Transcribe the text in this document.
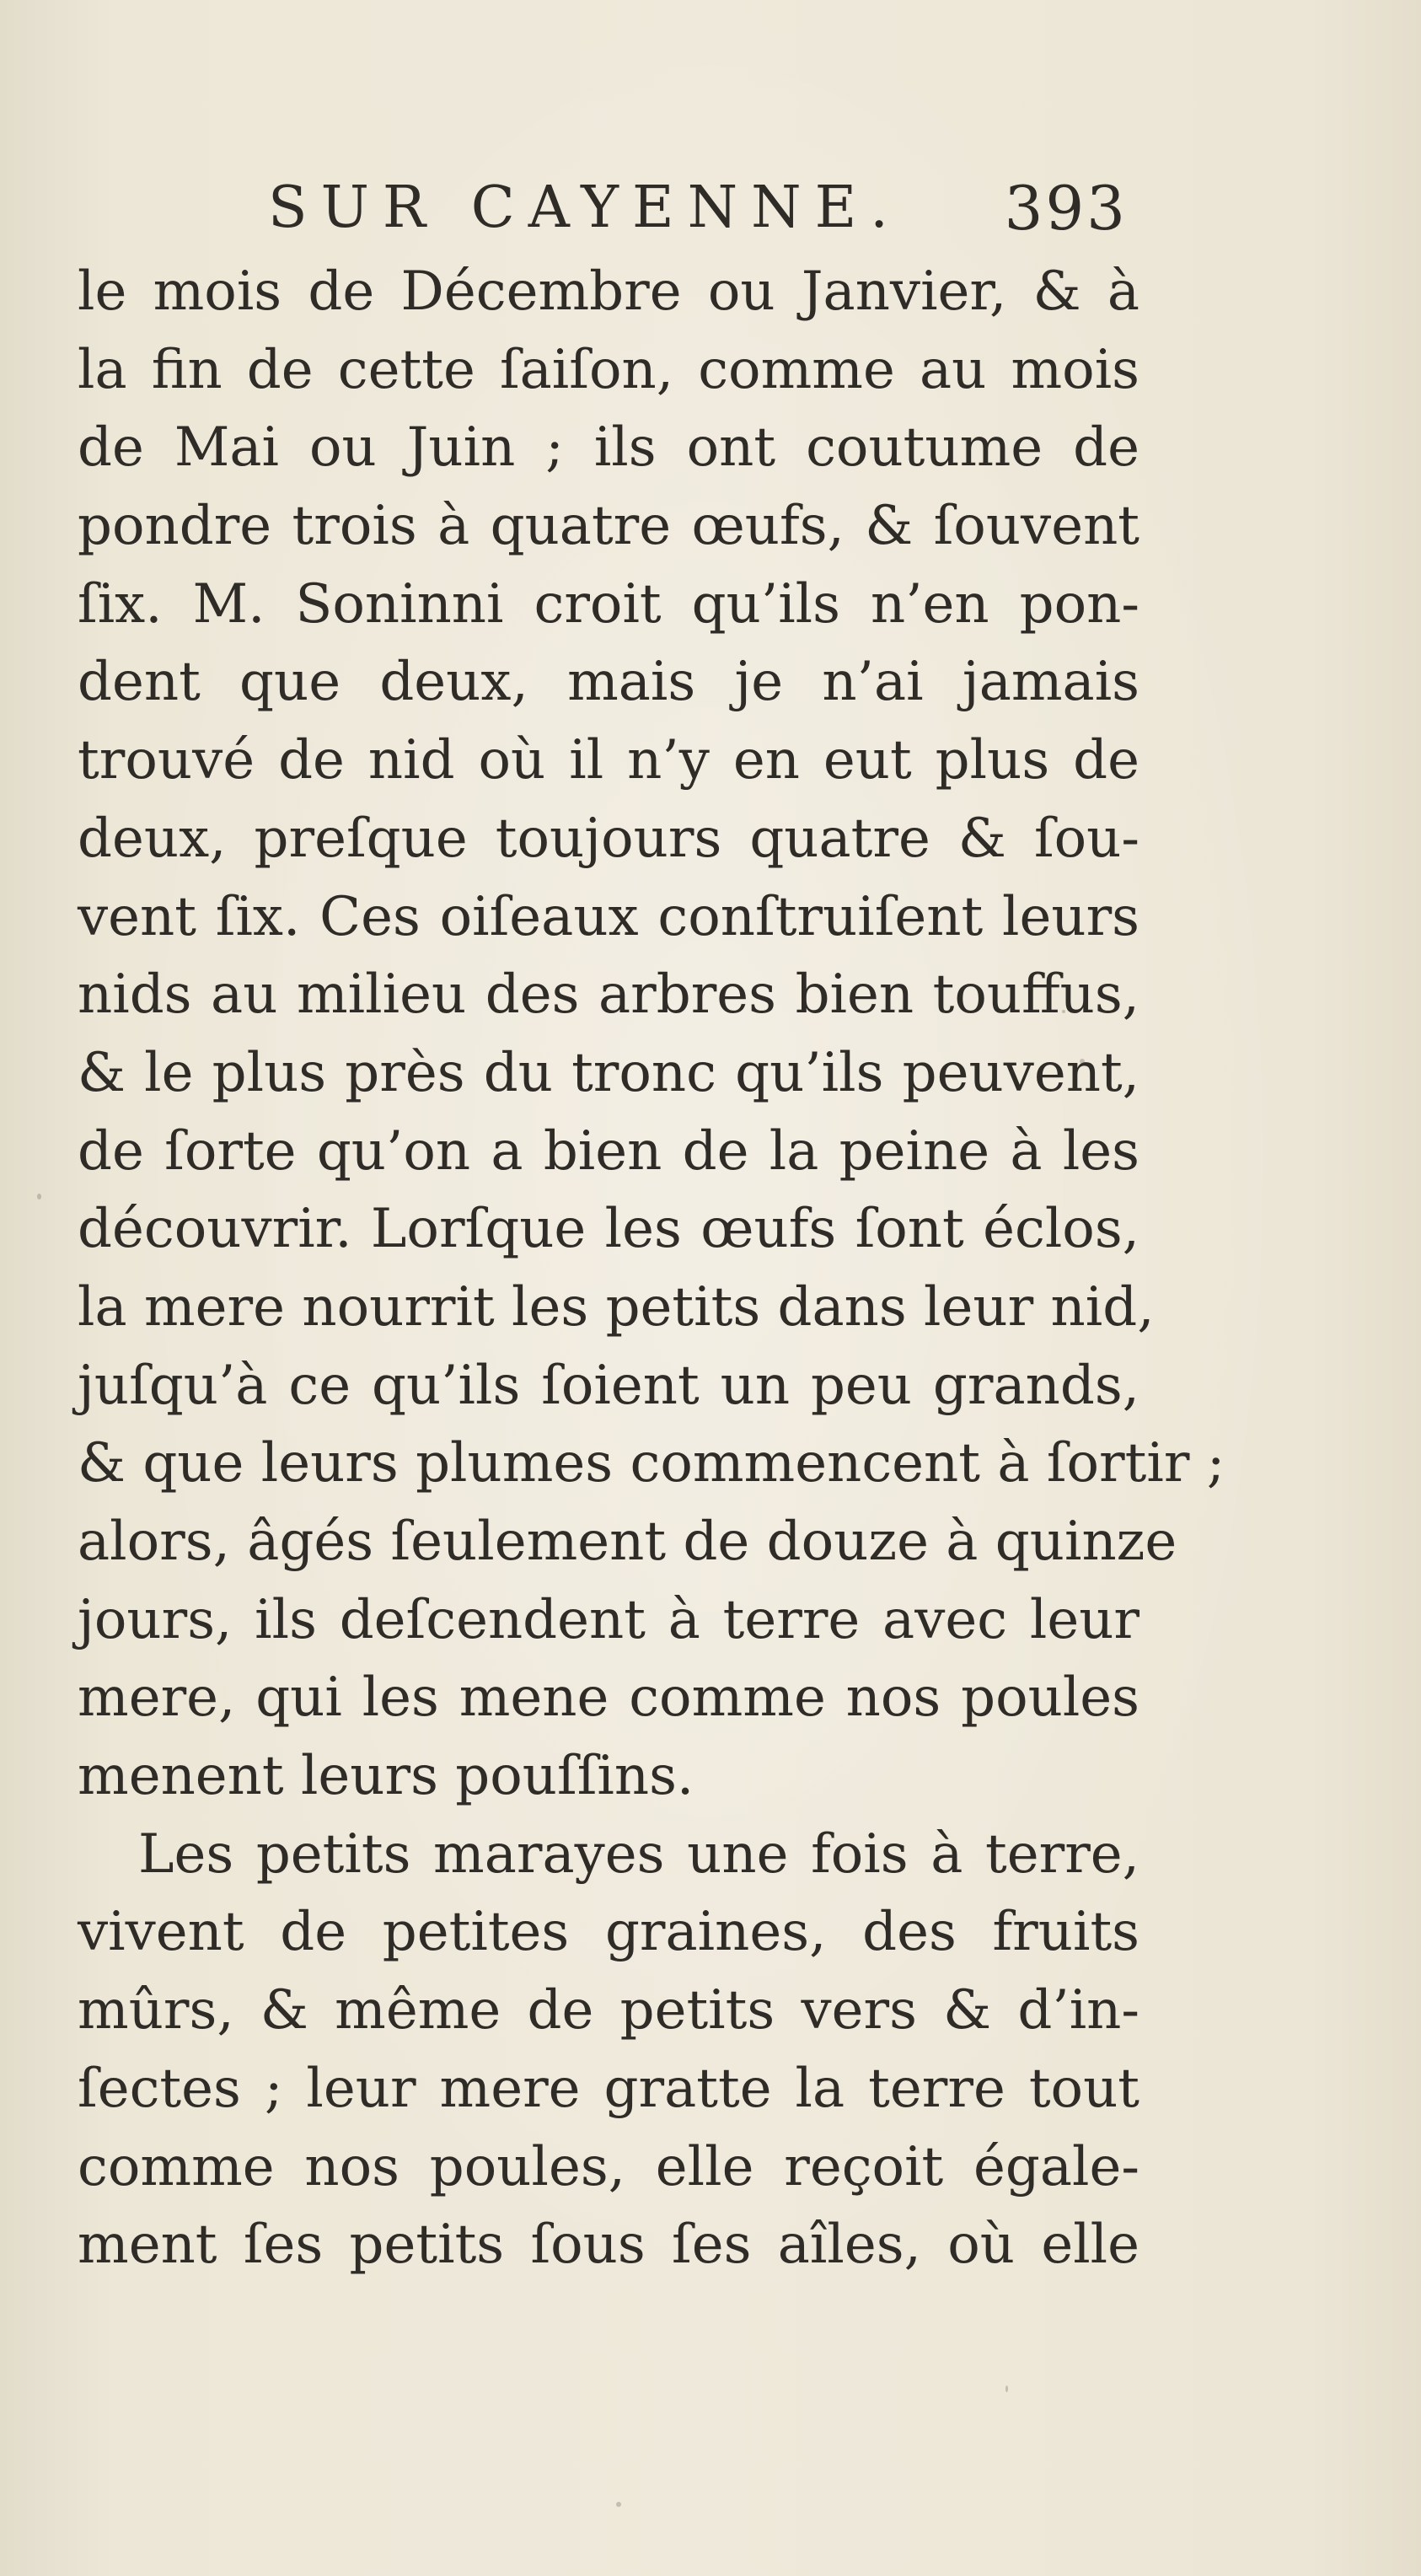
SUR CAYENNE. 393
le mois de Décembre ou Janvier, & à
la fin de cette ſaiſon, comme au mois
de Mai ou Juin ; ils ont coutume de
pondre trois à quatre œufs, & ſouvent
ſix. M. Soninni croit qu’ils n’en pon-
dent que deux, mais je n’ai jamais
trouvé de nid où il n’y en eut plus de
deux, preſque toujours quatre & ſou-
vent ſix. Ces oiſeaux conſtruiſent leurs
nids au milieu des arbres bien touffus,
& le plus près du tronc qu’ils peuvent,
de ſorte qu’on a bien de la peine à les
découvrir. Lorſque les œufs ſont éclos,
la mere nourrit les petits dans leur nid,
juſqu’à ce qu’ils ſoient un peu grands,
& que leurs plumes commencent à ſortir ;
alors, âgés ſeulement de douze à quinze
jours, ils deſcendent à terre avec leur
mere, qui les mene comme nos poules
menent leurs pouſſins.
Les petits marayes une fois à terre,
vivent de petites graines, des fruits
mûrs, & même de petits vers & d’in-
ſectes ; leur mere gratte la terre tout
comme nos poules, elle reçoit égale-
ment ſes petits ſous ſes aîles, où elle
